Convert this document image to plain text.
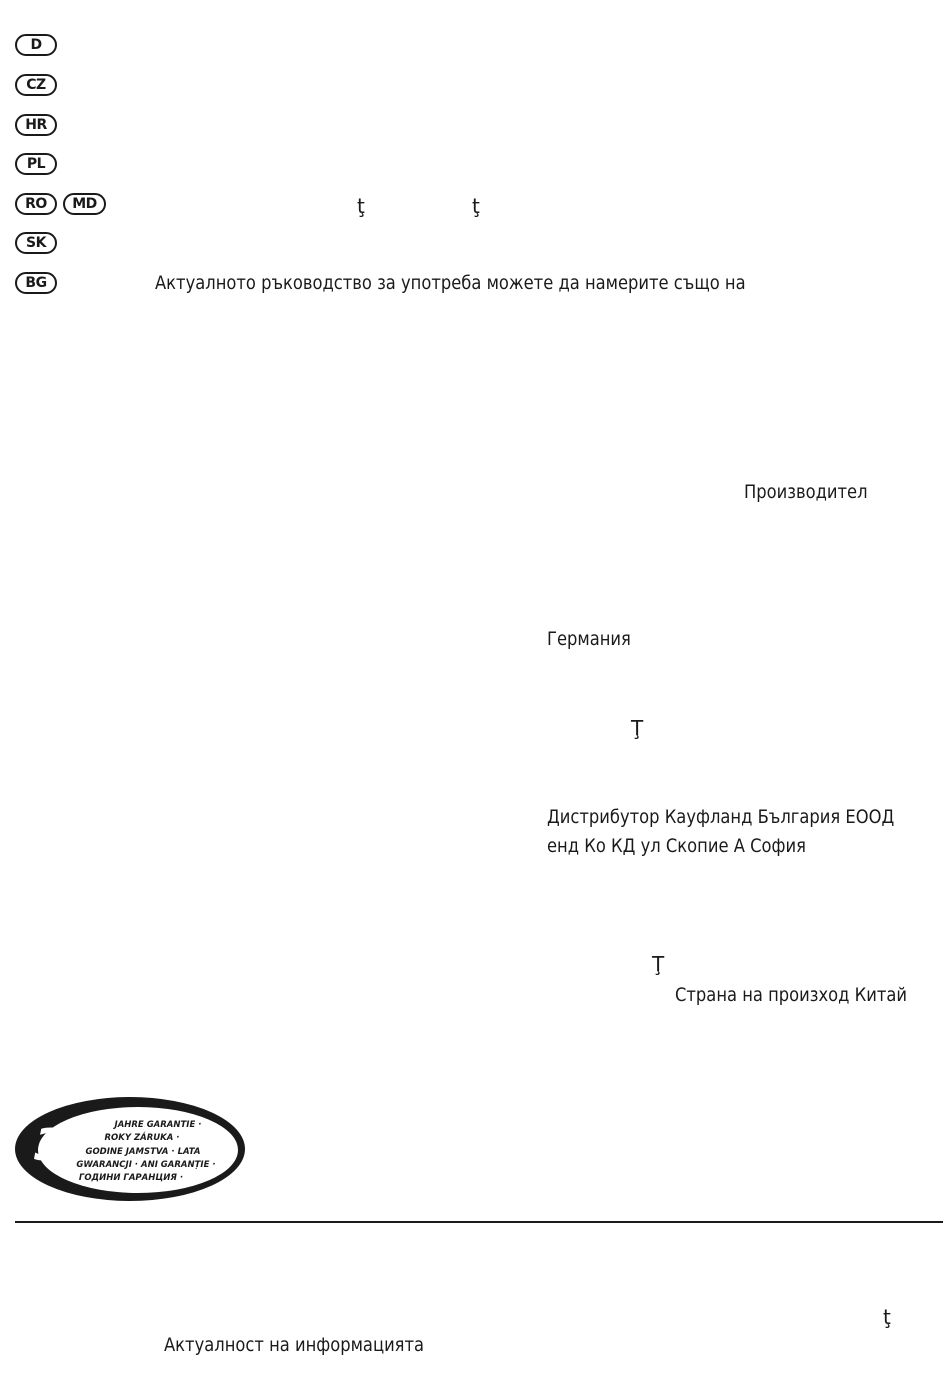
D
CZ
HR
PL
RO	MD
SK
BG
ţ	ţ
Актуалното ръководство за употреба можете да намерите също на
Производител
Германия
Ţ
Дистрибутор Кауфланд България ЕООД
енд Ко КД ул Скопие А София
Ţ
Страна на произход Китай
3	JAHRE GARANTIE ·
ROKY ZÁRUKA ·
GODINE JAMSTVA · LATA
GWARANCJI · ANI GARANȚIE ·
ГОДИНИ ГАРАНЦИЯ ·
ţ
Актуалност на информацията
